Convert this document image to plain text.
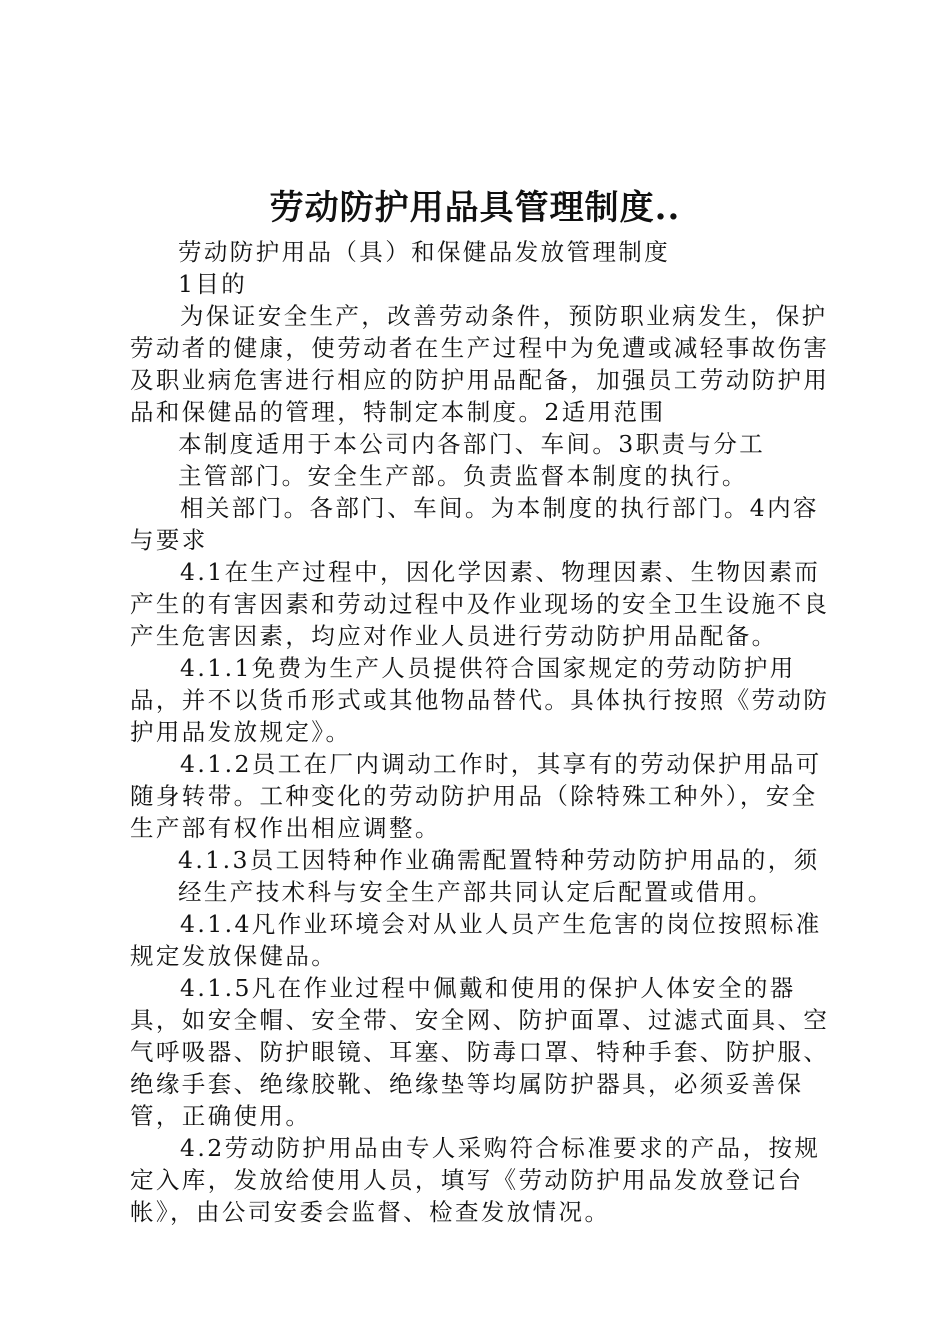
劳动防护用品具管理制度..

劳动防护用品（具）和保健品发放管理制度

1目的

为保证安全生产，改善劳动条件，预防职业病发生，保护劳动者的健康，使劳动者在生产过程中为免遭或减轻事故伤害及职业病危害进行相应的防护用品配备，加强员工劳动防护用品和保健品的管理，特制定本制度。2适用范围

本制度适用于本公司内各部门、车间。3职责与分工

主管部门。安全生产部。负责监督本制度的执行。

相关部门。各部门、车间。为本制度的执行部门。4内容与要求

4.1在生产过程中，因化学因素、物理因素、生物因素而产生的有害因素和劳动过程中及作业现场的安全卫生设施不良产生危害因素，均应对作业人员进行劳动防护用品配备。

4.1.1免费为生产人员提供符合国家规定的劳动防护用品，并不以货币形式或其他物品替代。具体执行按照《劳动防护用品发放规定》。

4.1.2员工在厂内调动工作时，其享有的劳动保护用品可随身转带。工种变化的劳动防护用品（除特殊工种外），安全生产部有权作出相应调整。

4.1.3员工因特种作业确需配置特种劳动防护用品的，须

经生产技术科与安全生产部共同认定后配置或借用。

4.1.4凡作业环境会对从业人员产生危害的岗位按照标准规定发放保健品。

4.1.5凡在作业过程中佩戴和使用的保护人体安全的器具，如安全帽、安全带、安全网、防护面罩、过滤式面具、空气呼吸器、防护眼镜、耳塞、防毒口罩、特种手套、防护服、绝缘手套、绝缘胶靴、绝缘垫等均属防护器具，必须妥善保管，正确使用。

4.2劳动防护用品由专人采购符合标准要求的产品，按规定入库，发放给使用人员，填写《劳动防护用品发放登记台帐》，由公司安委会监督、检查发放情况。
